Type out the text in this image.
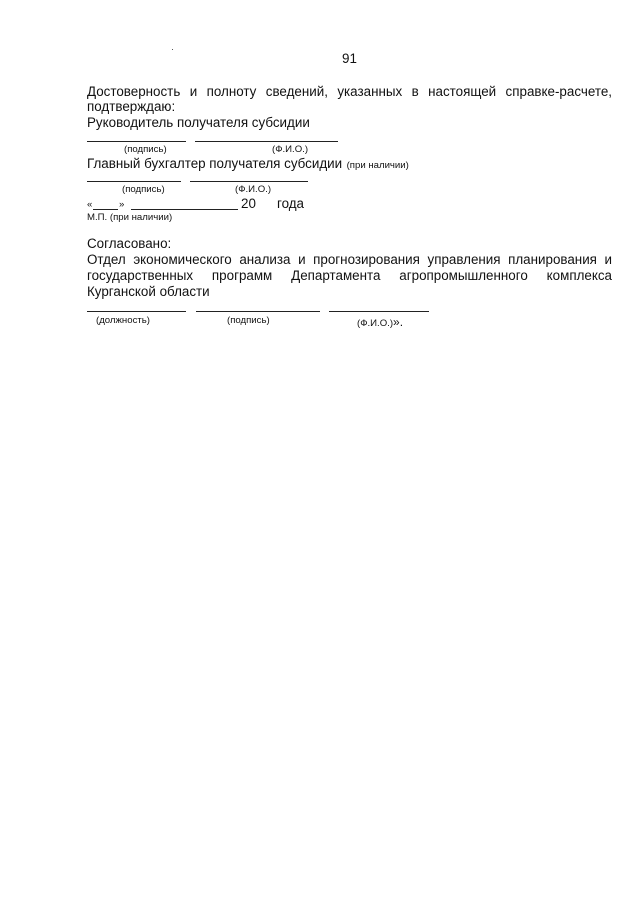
91
Достоверность и полноту сведений, указанных в настоящей справке-расчете,
подтверждаю:
Руководитель получателя субсидии
(подпись)	(Ф.И.О.)
Главный бухгалтер получателя субсидии (при наличии)
(подпись)	(Ф.И.О.)
«	»	20 года
М.П. (при наличии)
Согласовано:
Отдел экономического анализа и прогнозирования управления планирования и
государственных программ Департамента агропромышленного комплекса
Курганской области
(должность)	(подпись)	(Ф.И.О.)».
